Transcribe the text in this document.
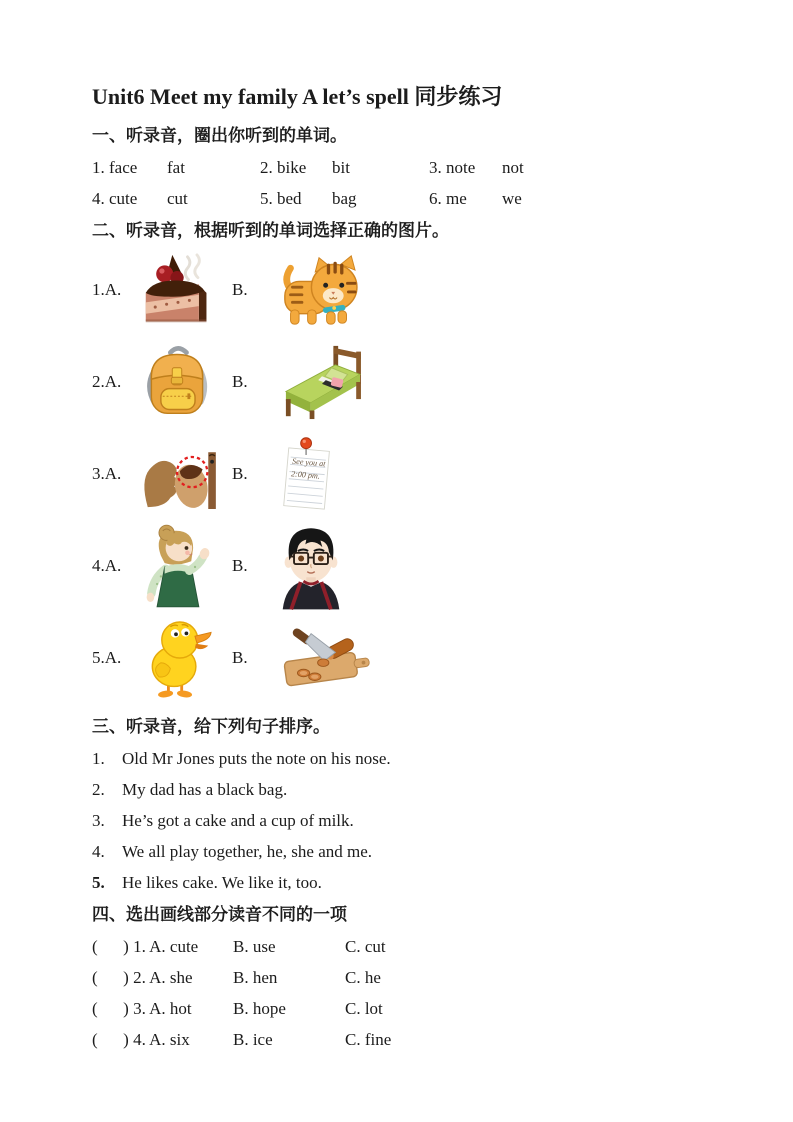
Unit6 Meet my family A let’s spell 同步练习
一、听录音，圈出你听到的单词。
1. face	fat	2. bike	bit	3. note	not
4. cute	cut	5. bed	bag	6. me	we
二、听录音，根据听到的单词选择正确的图片。
1.A.	B.
2.A.	B.
3.A.	B.
See you at
2:00 pm.
4.A.	B.
5.A.	B.
三、听录音，给下列句子排序。
1.	Old Mr Jones puts the note on his nose.
2.	My dad has a black bag.
3.	He’s got a cake and a cup of milk.
4.	We all play together, he, she and me.
5.	He likes cake. We like it, too.
四、选出画线部分读音不同的一项
(      ) 1. A. cute	B. use	C. cut
(      ) 2. A. she	B. hen	C. he
(      ) 3. A. hot	B. hope	C. lot
(      ) 4. A. six	B. ice	C. fine
